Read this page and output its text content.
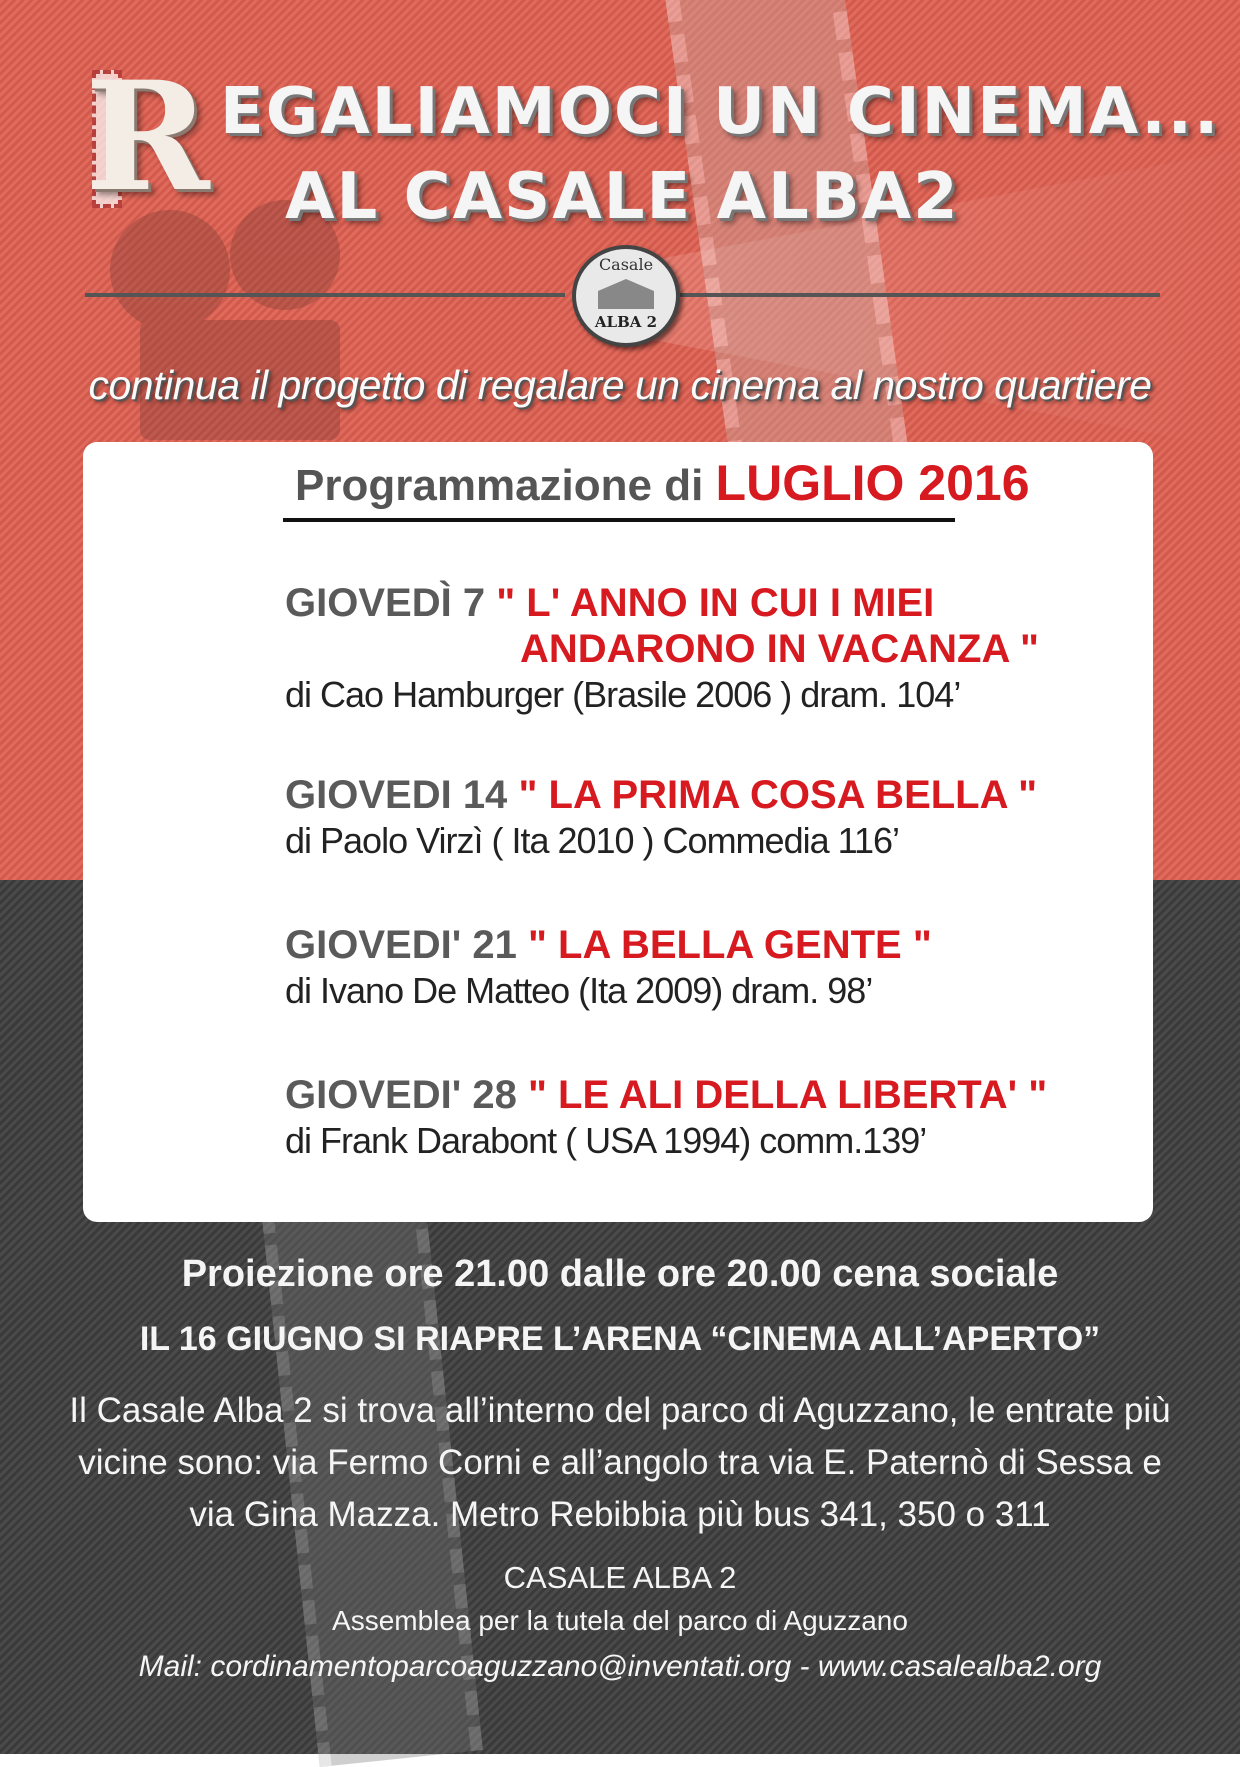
R EGALIAMOCI UN CINEMA...
AL CASALE ALBA2
Casale
ALBA 2
continua il progetto di regalare un cinema al nostro quartiere
Programmazione di LUGLIO 2016
GIOVEDÌ 7 " L' ANNO IN CUI I MIEI
ANDARONO IN VACANZA "
di Cao Hamburger (Brasile 2006 ) dram. 104’
GIOVEDI 14 " LA PRIMA COSA BELLA "
di Paolo Virzì ( Ita 2010 ) Commedia 116’
GIOVEDI' 21 " LA BELLA GENTE "
di Ivano De Matteo (Ita 2009) dram. 98’
GIOVEDI' 28 " LE ALI DELLA LIBERTA' "
di Frank Darabont ( USA 1994) comm.139’
Proiezione ore 21.00 dalle ore 20.00 cena sociale
IL 16 GIUGNO SI RIAPRE L’ARENA “CINEMA ALL’APERTO”
Il Casale Alba 2 si trova all’interno del parco di Aguzzano, le entrate più
vicine sono: via Fermo Corni e all’angolo tra via E. Paternò di Sessa e
via Gina Mazza. Metro Rebibbia più bus 341, 350 o 311
CASALE ALBA 2
Assemblea per la tutela del parco di Aguzzano
Mail: cordinamentoparcoaguzzano@inventati.org - www.casalealba2.org
